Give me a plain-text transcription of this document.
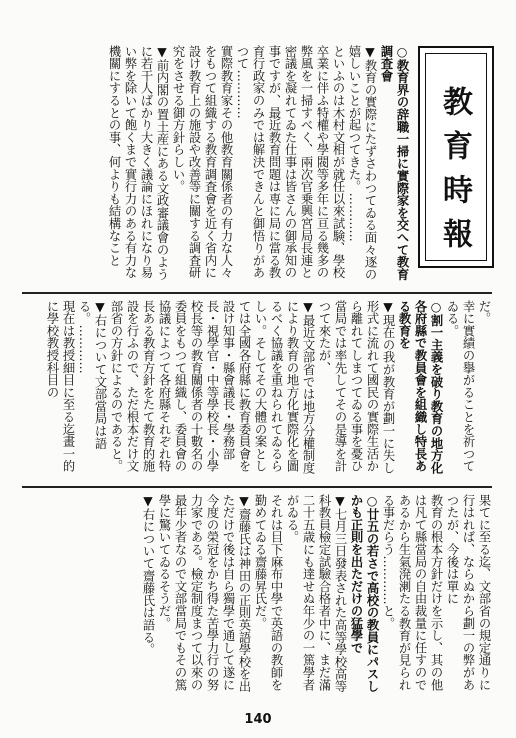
教育時報

○教育界の辞職一掃に實際家を交へて教育調査會

▼教育の實際にたずさわつてゐる面々逐の嬉しいことが起つてきた。…………

といふのは木村文相が就任以來試験、學校卒業に伴ふ特權や學閥等多年に亘る幾多の弊風を一掃すべく、兩次官乗興宮局長連と密議を凝れてゐた仕事は皆さんの御承知の事ですが、最近教育問題は専に局に當る教育行政家のみでは解決できんと御悟りがあつて…………

實際教育家その他教育關係者の有力な人々をもつて組織する教育調査會を近く省内に設け教育上の施設や改善等に關する調査研究をさせる御方針らしい。

▼前内閣の置土産にある文政審議會のように若干人ばかり大きく議論にほれになり易い弊を除いて飽くまで實行力のある有力な機關にするとの事、何よりも結構なこと

だ。

幸に實績の擧がることを祈つてゐる。

○割一主義を破り教育の地方化

各府縣で教員會を組織し特長ある教育を

▼現在の我が教育が劃一に失し形式に流れて國民の實際生活から離れてしまつてゐる事を憂ひ當局では率先してその是導を計つて來たが、

▼最近文部省では地方分權制度により教育の地方化實際化を圖るべく協議を重ねられてゐるらしい。そしてその大體の案としては全國各府縣に教育委員會を設け知事・縣會議長・學務部長・視學官・中等學校長・小學校長等の教育關係者の十數名の委員をもつて組織し、委員會の協議によつて各府縣それぞれ特長ある教育方針をたて教育的施設を行ふので、ただ根本だけ文部省の方針によるのであると。

▼右について文部當局は語る。…………

現在は教授細目に至る迄畫一的に學校教授科目の

果てに至る迄、文部省の規定通りに行はれば、ならぬから劃一の弊があつたが、今後は單に

教育の根本方針だけを示し、其の他は凡て縣當局の自由裁量に任すのであるから生氣溌溂たる教育が見られる事だらう…………と。

○廿五の若さで高校の教員にパスしかも正則を出ただけの猛學で

▼七月三日發表された高等學校高等科教員檢定試驗合格者中に、まだ滿二十五歳にも達せぬ年少の一篤學者がゐる。

それは目下麻布中學で英語の教師を勤めてゐる齋藤昇氏だ。

▼齋藤氏は神田の正則英語學校を出ただけで後は自ら獨學で通して遂に今度の榮冠をかち得た苦學力行の努力家である。檢定制度まつて以來の最年少者なので文部當局でもその篤學に驚いてゐるそうだ。

▼右について齋藤氏は語る。

140
